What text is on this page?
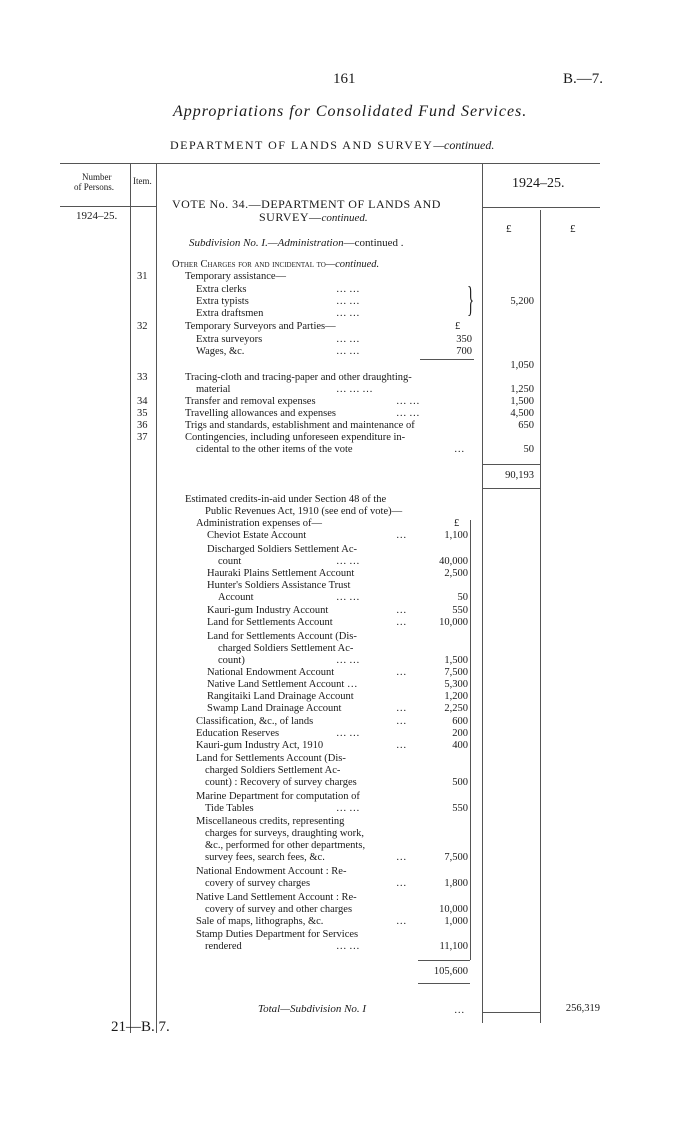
161	B.—7.
Appropriations for Consolidated Fund Services.
DEPARTMENT OF LANDS AND SURVEY—continued.
Number
of Persons.
Item.	1924–25.
1924–25.
£	£
VOTE No. 34.—DEPARTMENT OF LANDS AND
SURVEY—continued.
Subdivision No. I.—Administration—continued .
Other Charges for and incidental to—continued.
31	Temporary assistance—
Extra clerks	… …
Extra typists	… …
Extra draftsmen	… …	}	5,200
32	Temporary Surveyors and Parties—	£
Extra surveyors	… …	350
Wages, &c.	… …	700
1,050
33	Tracing-cloth and tracing-paper and other draughting-
material	… … …	1,250
34	Transfer and removal expenses	… …	1,500
35	Travelling allowances and expenses	… …	4,500
36	Trigs and standards, establishment and maintenance of	650
37	Contingencies, including unforeseen expenditure in-
cidental to the other items of the vote	…	50
90,193
Estimated credits-in-aid under Section 48 of the
Public Revenues Act, 1910 (see end of vote)—
Administration expenses of—	£
Cheviot Estate Account	…	1,100
Discharged Soldiers Settlement Ac-
count	… …	40,000
Hauraki Plains Settlement Account	2,500
Hunter's Soldiers Assistance Trust
Account	… …	50
Kauri-gum Industry Account	…	550
Land for Settlements Account	…	10,000
Land for Settlements Account (Dis-
charged Soldiers Settlement Ac-
count)	… …	1,500
National Endowment Account	…	7,500
Native Land Settlement Account …	5,300
Rangitaiki Land Drainage Account	1,200
Swamp Land Drainage Account	…	2,250
Classification, &c., of lands	…	600
Education Reserves	… …	200
Kauri-gum Industry Act, 1910	…	400
Land for Settlements Account (Dis-
charged Soldiers Settlement Ac-
count) : Recovery of survey charges	500
Marine Department for computation of
Tide Tables	… …	550
Miscellaneous credits, representing
charges for surveys, draughting work,
&c., performed for other departments,
survey fees, search fees, &c.	…	7,500
National Endowment Account : Re-
covery of survey charges	…	1,800
Native Land Settlement Account : Re-
covery of survey and other charges	10,000
Sale of maps, lithographs, &c.	…	1,000
Stamp Duties Department for Services
rendered	… …	11,100
105,600
Total—Subdivision No. I	…	256,319
21—B. 7.
